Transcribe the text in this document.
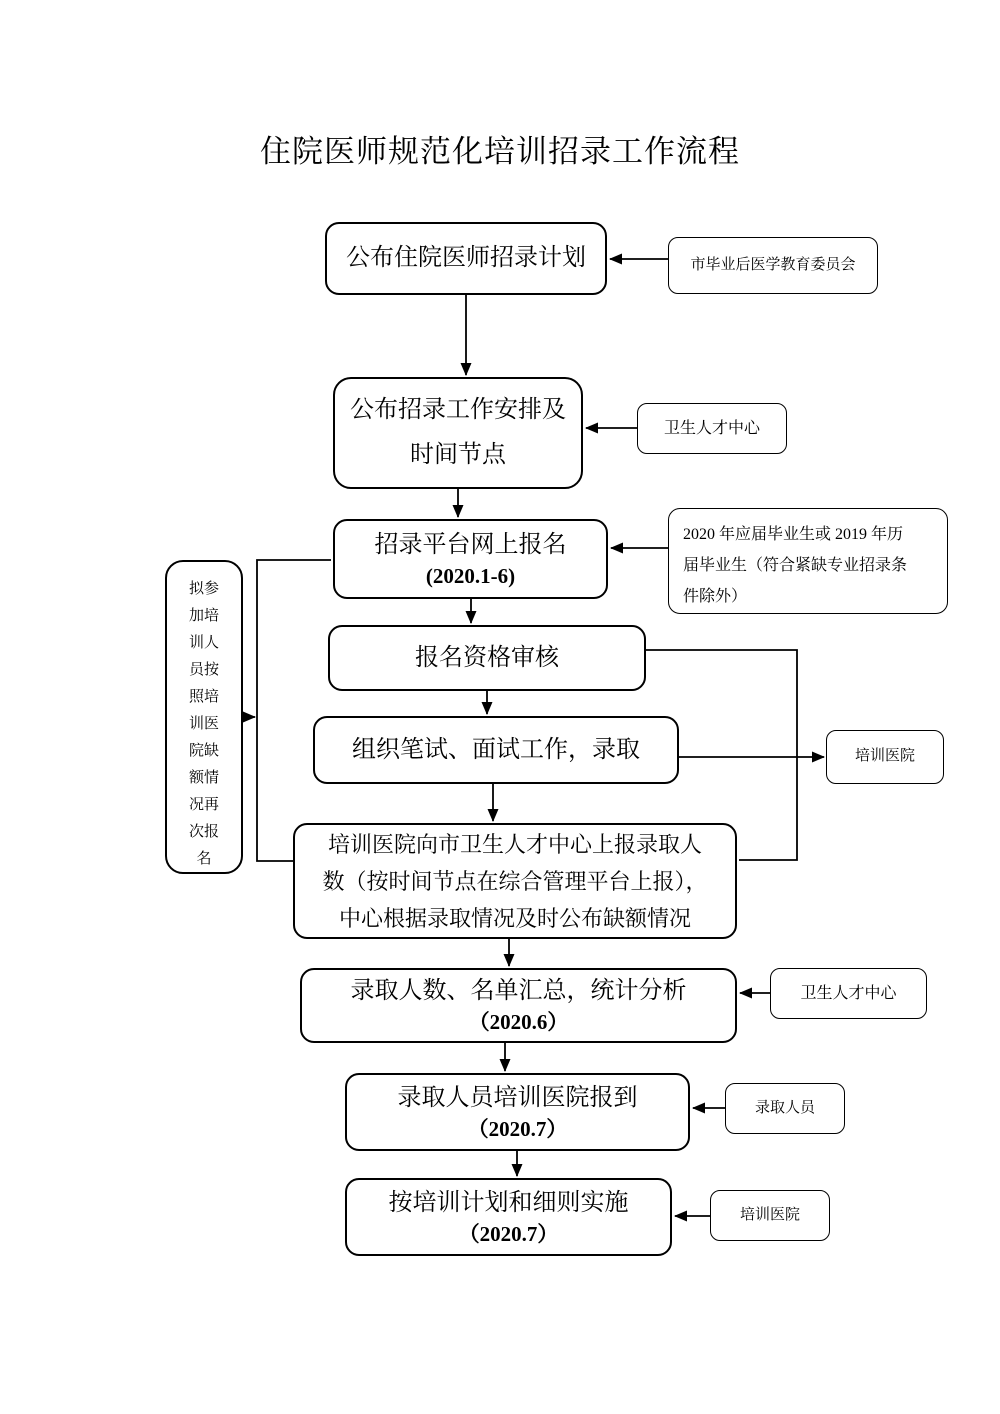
住院医师规范化培训招录工作流程
公布住院医师招录计划	市毕业后医学教育委员会
公布招录工作安排及
时间节点
卫生人才中心
招录平台网上报名
(2020.1-6)
2020 年应届毕业生或 2019 年历
届毕业生（符合紧缺专业招录条
件除外）
报名资格审核
组织笔试、面试工作，录取	培训医院
培训医院向市卫生人才中心上报录取人
数（按时间节点在综合管理平台上报），
中心根据录取情况及时公布缺额情况
拟参加培训人员按照培训医院缺额情况再次报名
录取人数、名单汇总，统计分析
（2020.6）
卫生人才中心
录取人员培训医院报到
（2020.7）
录取人员
按培训计划和细则实施
（2020.7）
培训医院
